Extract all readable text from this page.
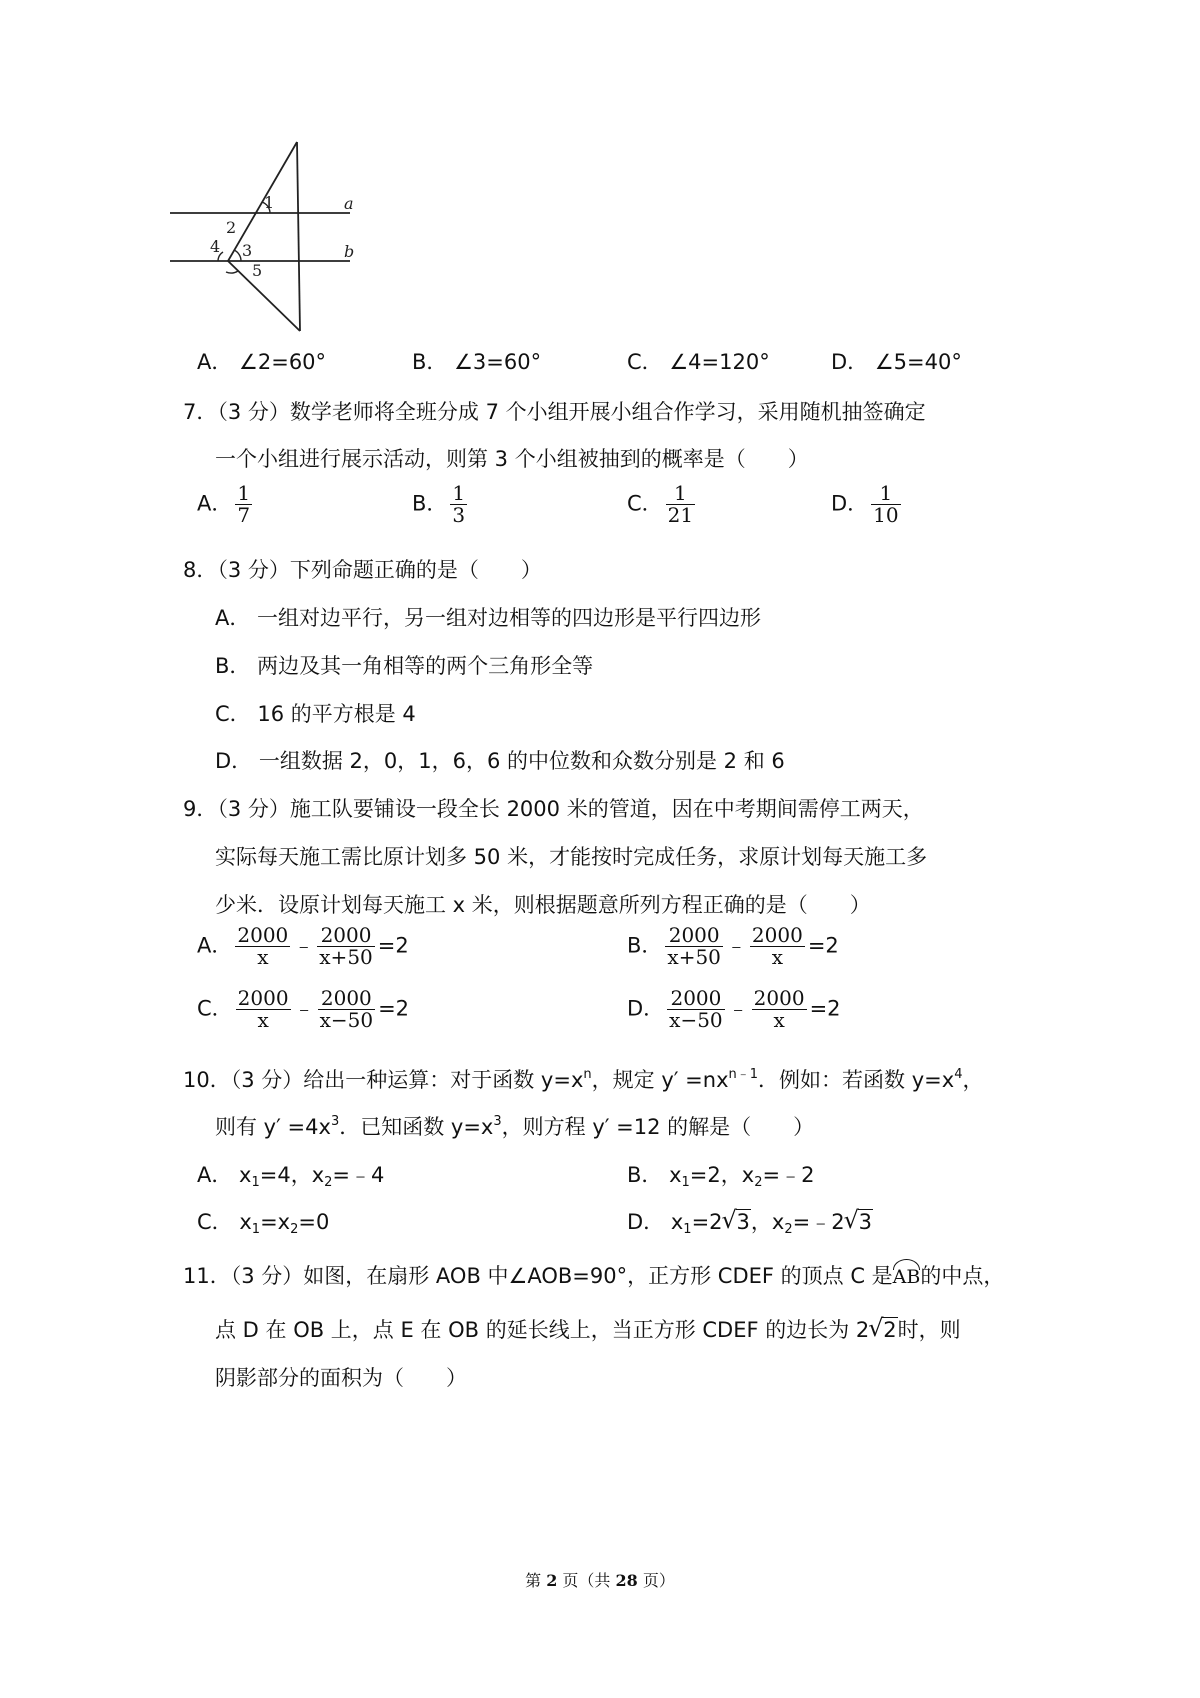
1
2
3
4
5
a
b
A． ∠2=60°	B． ∠3=60°	C． ∠4=120°	D． ∠5=40°
7．（3 分）数学老师将全班分成 7 个小组开展小组合作学习，采用随机抽签确定
一个小组进行展示活动，则第 3 个小组被抽到的概率是（　　）
A． $\frac{1}{7}$	B． $\frac{1}{3}$	C． $\frac{1}{21}$	D． $\frac{1}{10}$
8．（3 分）下列命题正确的是（　　）
A． 一组对边平行，另一组对边相等的四边形是平行四边形
B． 两边及其一角相等的两个三角形全等
C． 16 的平方根是 4
D． 一组数据 2，0，1，6，6 的中位数和众数分别是 2 和 6
9．（3 分）施工队要铺设一段全长 2000 米的管道，因在中考期间需停工两天，
实际每天施工需比原计划多 50 米，才能按时完成任务，求原计划每天施工多
少米．设原计划每天施工 x 米，则根据题意所列方程正确的是（　　）
A． $\frac{2000}{x}$ ﹣ $\frac{2000}{x+50} =2$	B． $\frac{2000}{x+50}$ ﹣ $\frac{2000}{x} =2$
C． $\frac{2000}{x}$ ﹣ $\frac{2000}{x-50} =2$	D． $\frac{2000}{x-50}$ ﹣ $\frac{2000}{x} =2$
10．（3 分）给出一种运算：对于函数 $y=x^n$，规定 $y' =nx^{n﹣1}$．例如：若函数 $y=x^4$，
则有 $y' =4x^3$．已知函数 $y=x^3$，则方程 y′ =12 的解是（　　）
A． $x_1=4$，$x_2=﹣4$	B． $x_1=2$，$x_2=﹣2$
C． $x_1=x_2=0$	D． $x_1=2√$ 3，$x_2=﹣2√$ 3
11．（3 分）如图，在扇形 AOB 中∠AOB=90°，正方形 CDEF 的顶点 C 是AB的中点，
点 D 在 OB 上，点 E 在 OB 的延长线上，当正方形 CDEF 的边长为 2√ 2时，则
阴影部分的面积为（　　）
第 2 页（共 28 页）
